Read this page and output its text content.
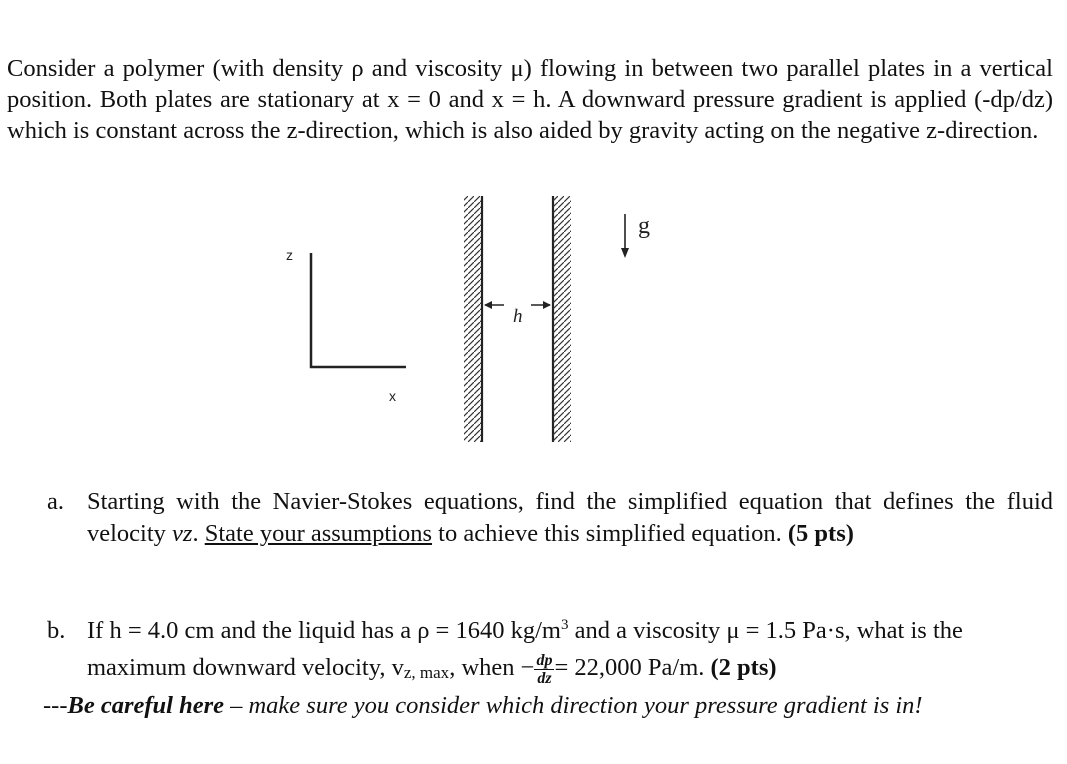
Consider a polymer (with density ρ and viscosity μ) flowing in between two parallel plates in a vertical position. Both plates are stationary at x = 0 and x = h. A downward pressure gradient is applied (-dp/dz) which is constant across the z-direction, which is also aided by gravity acting on the negative z-direction.

z
x
h
g
a. Starting with the Navier-Stokes equations, find the simplified equation that defines the fluid velocity vz. State your assumptions to achieve this simplified equation. (5 pts)
b. If h = 4.0 cm and the liquid has a ρ = 1640 $kg/m^3$ and a viscosity μ = 1.5 Pa·s, what is the maximum downward velocity, $v_{z, max}$, when − $\frac{dp}{dz} = 22,000$ Pa/m. (2 pts)
---Be careful here – make sure you consider which direction your pressure gradient is in!
